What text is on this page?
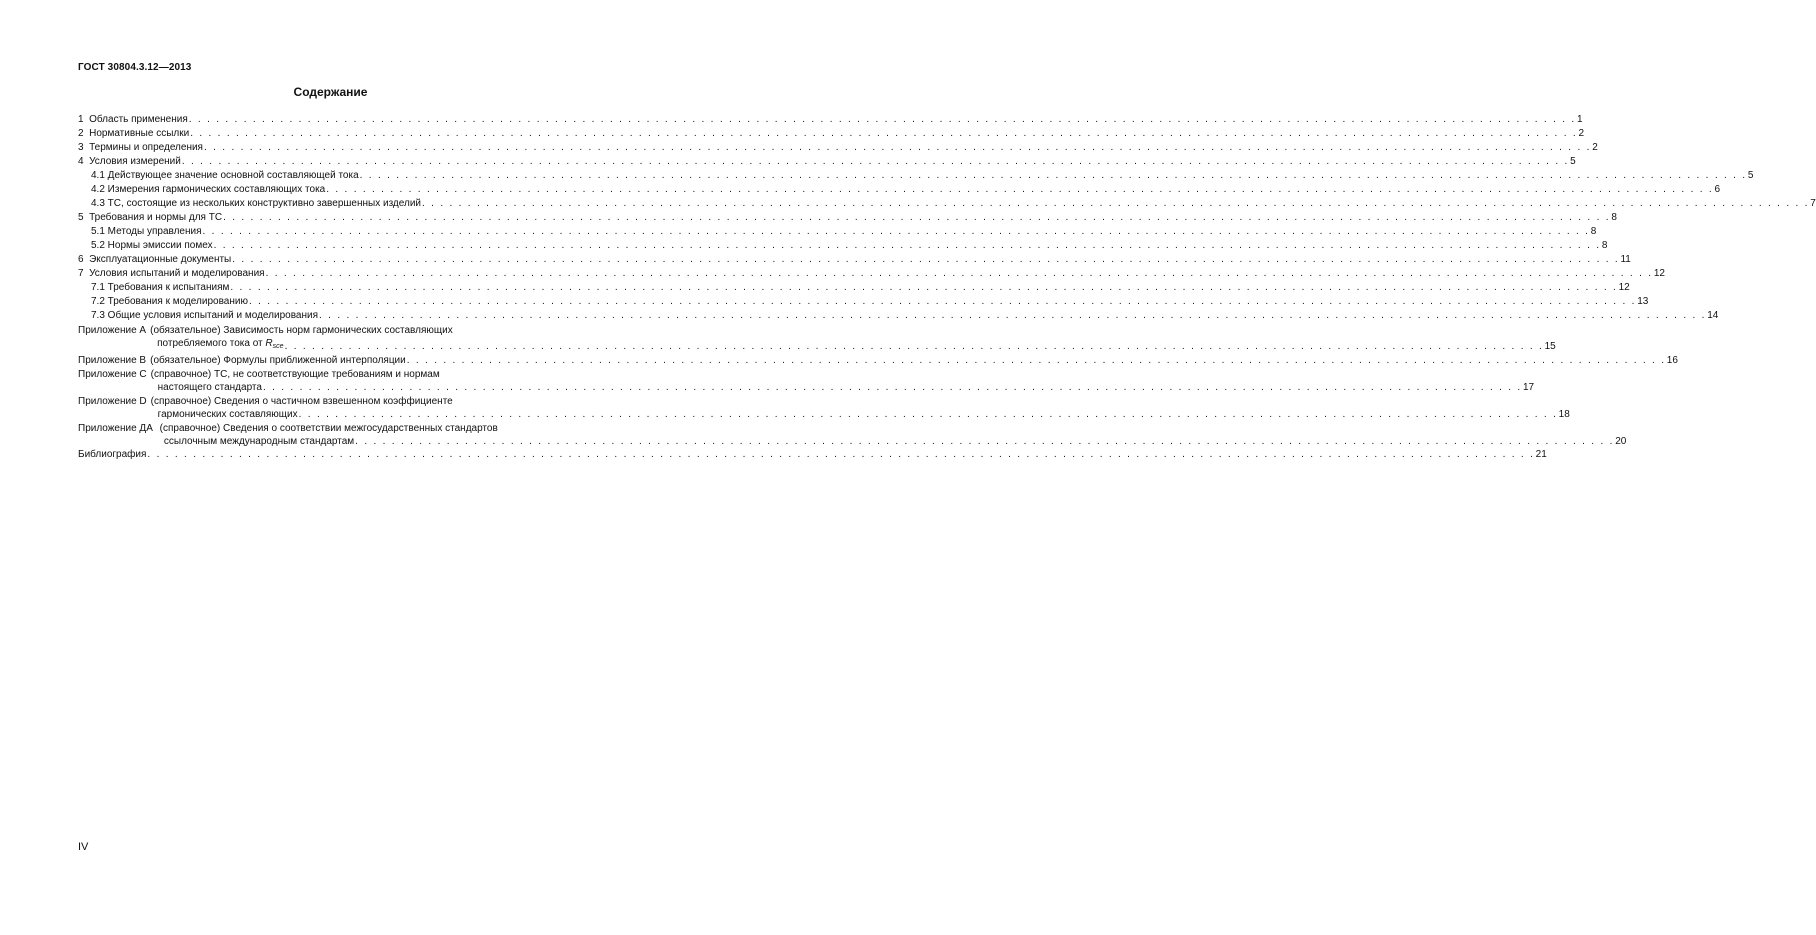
ГОСТ 30804.3.12—2013
Содержание
1  Область применения . . .	1
2  Нормативные ссылки . . .	2
3  Термины и определения . . .	2
4  Условия измерений . . .	5
4.1 Действующее значение основной составляющей тока . . .	5
4.2 Измерения гармонических составляющих тока . . .	6
4.3 ТС, состоящие из нескольких конструктивно завершенных изделий . . .	7
5  Требования и нормы для ТС . . .	8
5.1 Методы управления . . .	8
5.2 Нормы эмиссии помех . . .	8
6  Эксплуатационные документы . . .	11
7  Условия испытаний и моделирования . . .	12
7.1 Требования к испытаниям . . .	12
7.2 Требования к моделированию . . .	13
7.3 Общие условия испытаний и моделирования . . .	14
Приложение А (обязательное) Зависимость норм гармонических составляющих
потребляемого тока от $R_{sce}$ . . .	15
Приложение В (обязательное) Формулы приближенной интерполяции . . .	16
Приложение С (справочное) ТС, не соответствующие требованиям и нормам
настоящего стандарта . . .	17
Приложение D (справочное) Сведения о частичном взвешенном коэффициенте
гармонических составляющих . . .	18
Приложение ДА (справочное) Сведения о соответствии межгосударственных стандартов
ссылочным международным стандартам . . .	20
Библиография . . .	21
IV
